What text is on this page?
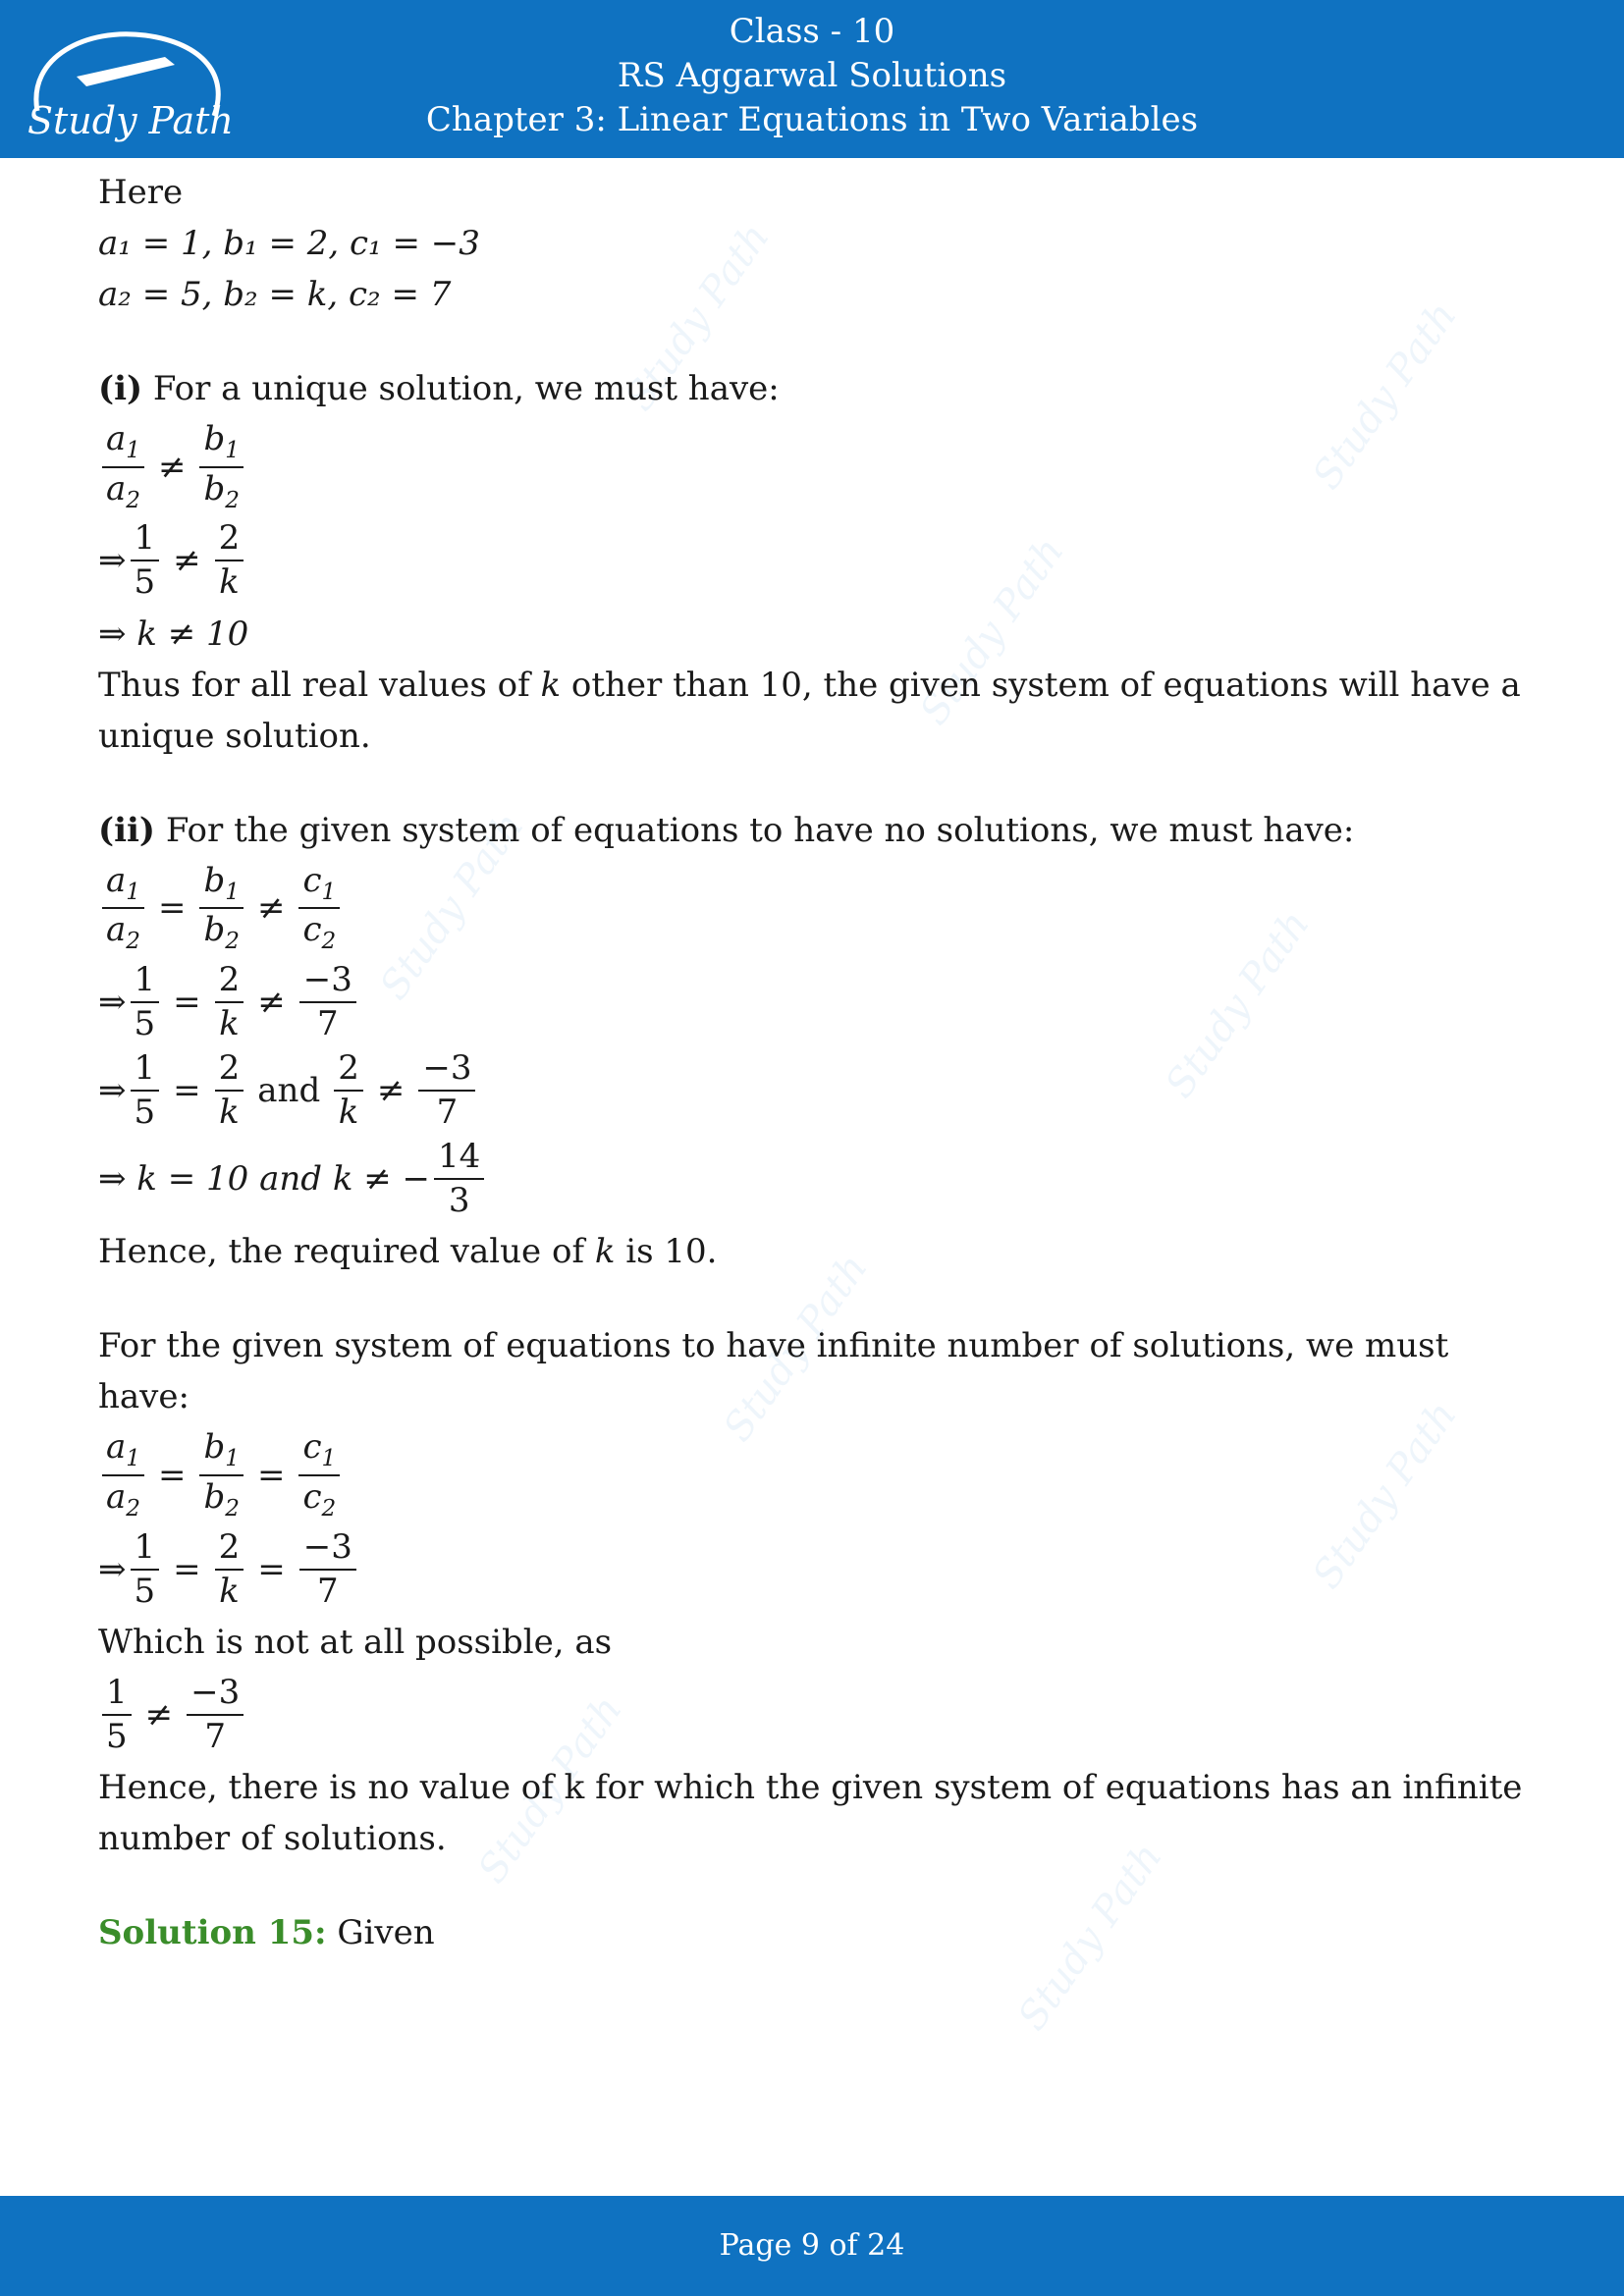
Study Path
Class - 10
RS Aggarwal Solutions
Chapter 3: Linear Equations in Two Variables
Study Path	Study Path
Study Path
Study Path	Study Path
Study Path
Study Path
Study Path
Study Path
Here
a₁ = 1, b₁ = 2, c₁ = −3
a₂ = 5, b₂ = k, c₂ = 7
(i) For a unique solution, we must have:
$\frac{a_1}{a_2} \ne \frac{b_1}{b_2}$
⇒ $\frac{1}{5} \ne \frac{2}{k}$
⇒ k ≠ 10
Thus for all real values of k other than 10, the given system of equations will have a unique solution.
(ii) For the given system of equations to have no solutions, we must have:
$\frac{a_1}{a_2} = \frac{b_1}{b_2} \ne \frac{c_1}{c_2}$
⇒ $\frac{1}{5} = \frac{2}{k} \ne \frac{-3}{7}$
⇒ $\frac{1}{5} = \frac{2}{k}$ and $\frac{2}{k} \ne \frac{-3}{7}$
⇒ k = 10 and k ≠ − $\frac{14}{3}$
Hence, the required value of k is 10.
For the given system of equations to have infinite number of solutions, we must have:
$\frac{a_1}{a_2} = \frac{b_1}{b_2} = \frac{c_1}{c_2}$
⇒ $\frac{1}{5} = \frac{2}{k} = \frac{-3}{7}$
Which is not at all possible, as
$\frac{1}{5} \ne \frac{-3}{7}$
Hence, there is no value of k for which the given system of equations has an infinite number of solutions.
Solution 15: Given
Page 9 of 24
